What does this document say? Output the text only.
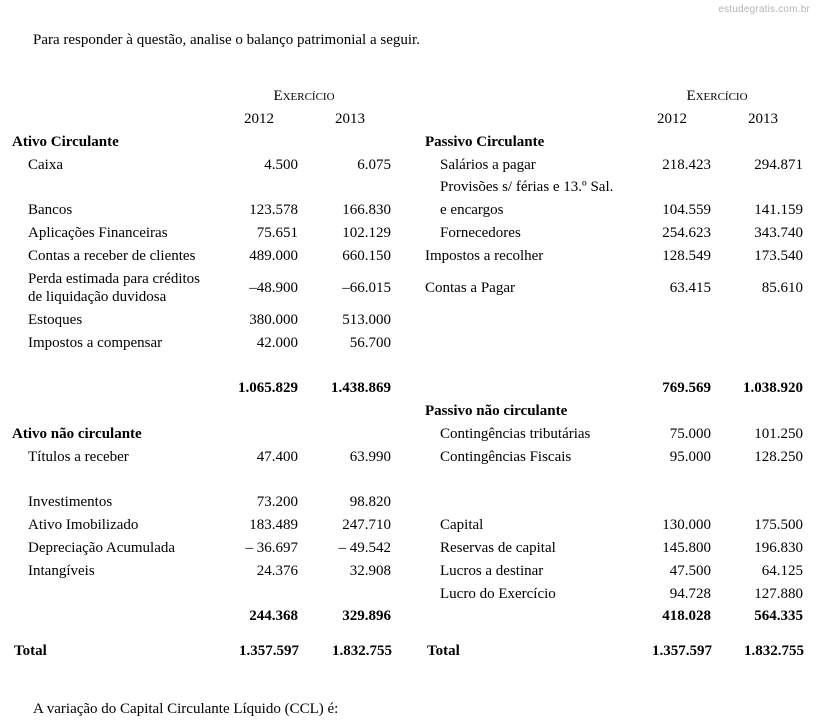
estudegratis.com.br
Para responder à questão, analise o balanço patrimonial a seguir.
Exercício
2012	2013
Ativo Circulante
Caixa	4.500	6.075
Bancos	123.578	166.830
Aplicações Financeiras	75.651	102.129
Contas a receber de clientes	489.000	660.150
Perda estimada para créditos
de liquidação duvidosa
–48.900	–66.015
Estoques	380.000	513.000
Impostos a compensar	42.000	56.700
1.065.829	1.438.869
Ativo não circulante
Títulos a receber	47.400	63.990
Investimentos	73.200	98.820
Ativo Imobilizado	183.489	247.710
Depreciação Acumulada	– 36.697	– 49.542
Intangíveis	24.376	32.908
244.368	329.896
Total	1.357.597	1.832.755
Exercício
2012	2013
Passivo Circulante
Salários a pagar	218.423	294.871
Provisões s/ férias e 13.º Sal.
e encargos	104.559	141.159
Fornecedores	254.623	343.740
Impostos a recolher	128.549	173.540
Contas a Pagar	63.415	85.610
769.569	1.038.920
Passivo não circulante
Contingências tributárias	75.000	101.250
Contingências Fiscais	95.000	128.250
Capital	130.000	175.500
Reservas de capital	145.800	196.830
Lucros a destinar	47.500	64.125
Lucro do Exercício	94.728	127.880
418.028	564.335
Total	1.357.597	1.832.755
A variação do Capital Circulante Líquido (CCL) é:
